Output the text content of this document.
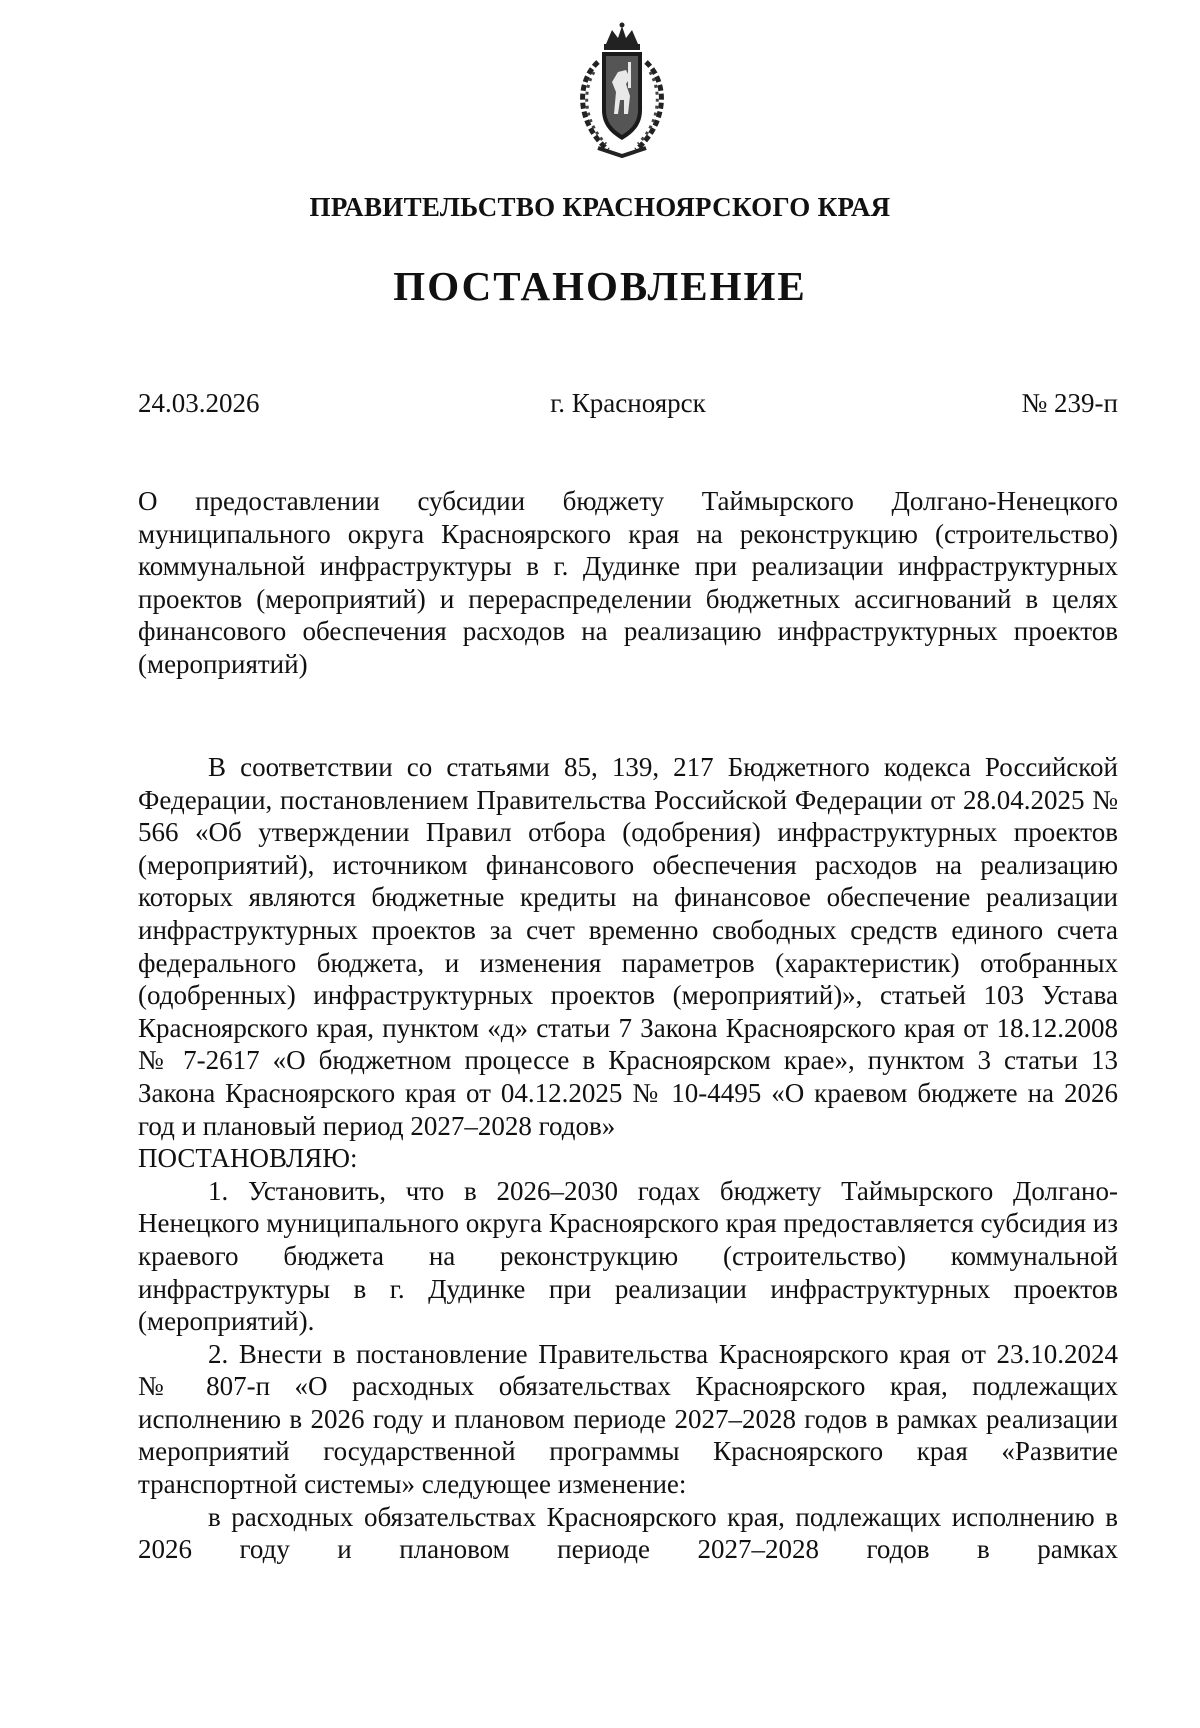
ПРАВИТЕЛЬСТВО КРАСНОЯРСКОГО КРАЯ
ПОСТАНОВЛЕНИЕ
24.03.2026	г. Красноярск	№ 239-п
О предоставлении субсидии бюджету Таймырского Долгано-Ненецкого муниципального округа Красноярского края на реконструкцию (строительство) коммунальной инфраструктуры в г. Дудинке при реализации инфраструктурных проектов (мероприятий) и перераспределении бюджетных ассигнований в целях финансового обеспечения расходов на реализацию инфраструктурных проектов (мероприятий)

В соответствии со статьями 85, 139, 217 Бюджетного кодекса Российской Федерации, постановлением Правительства Российской Федерации от 28.04.2025 № 566 «Об утверждении Правил отбора (одобрения) инфраструктурных проектов (мероприятий), источником финансового обеспечения расходов на реализацию которых являются бюджетные кредиты на финансовое обеспечение реализации инфраструктурных проектов за счет временно свободных средств единого счета федерального бюджета, и изменения параметров (характеристик) отобранных (одобренных) инфраструктурных проектов (мероприятий)», статьей 103 Устава Красноярского края, пунктом «д» статьи 7 Закона Красноярского края от 18.12.2008 № 7-2617 «О бюджетном процессе в Красноярском крае», пунктом 3 статьи 13 Закона Красноярского края от 04.12.2025 № 10-4495 «О краевом бюджете на 2026 год и плановый период 2027–2028 годов»
ПОСТАНОВЛЯЮ:

1. Установить, что в 2026–2030 годах бюджету Таймырского Долгано-Ненецкого муниципального округа Красноярского края предоставляется субсидия из краевого бюджета на реконструкцию (строительство) коммунальной инфраструктуры в г. Дудинке при реализации инфраструктурных проектов (мероприятий).

2. Внести в постановление Правительства Красноярского края от 23.10.2024 № 807-п «О расходных обязательствах Красноярского края, подлежащих исполнению в 2026 году и плановом периоде 2027–2028 годов в рамках реализации мероприятий государственной программы Красноярского края «Развитие транспортной системы» следующее изменение:

в расходных обязательствах Красноярского края, подлежащих исполнению в 2026 году и плановом периоде 2027–2028 годов в рамках
